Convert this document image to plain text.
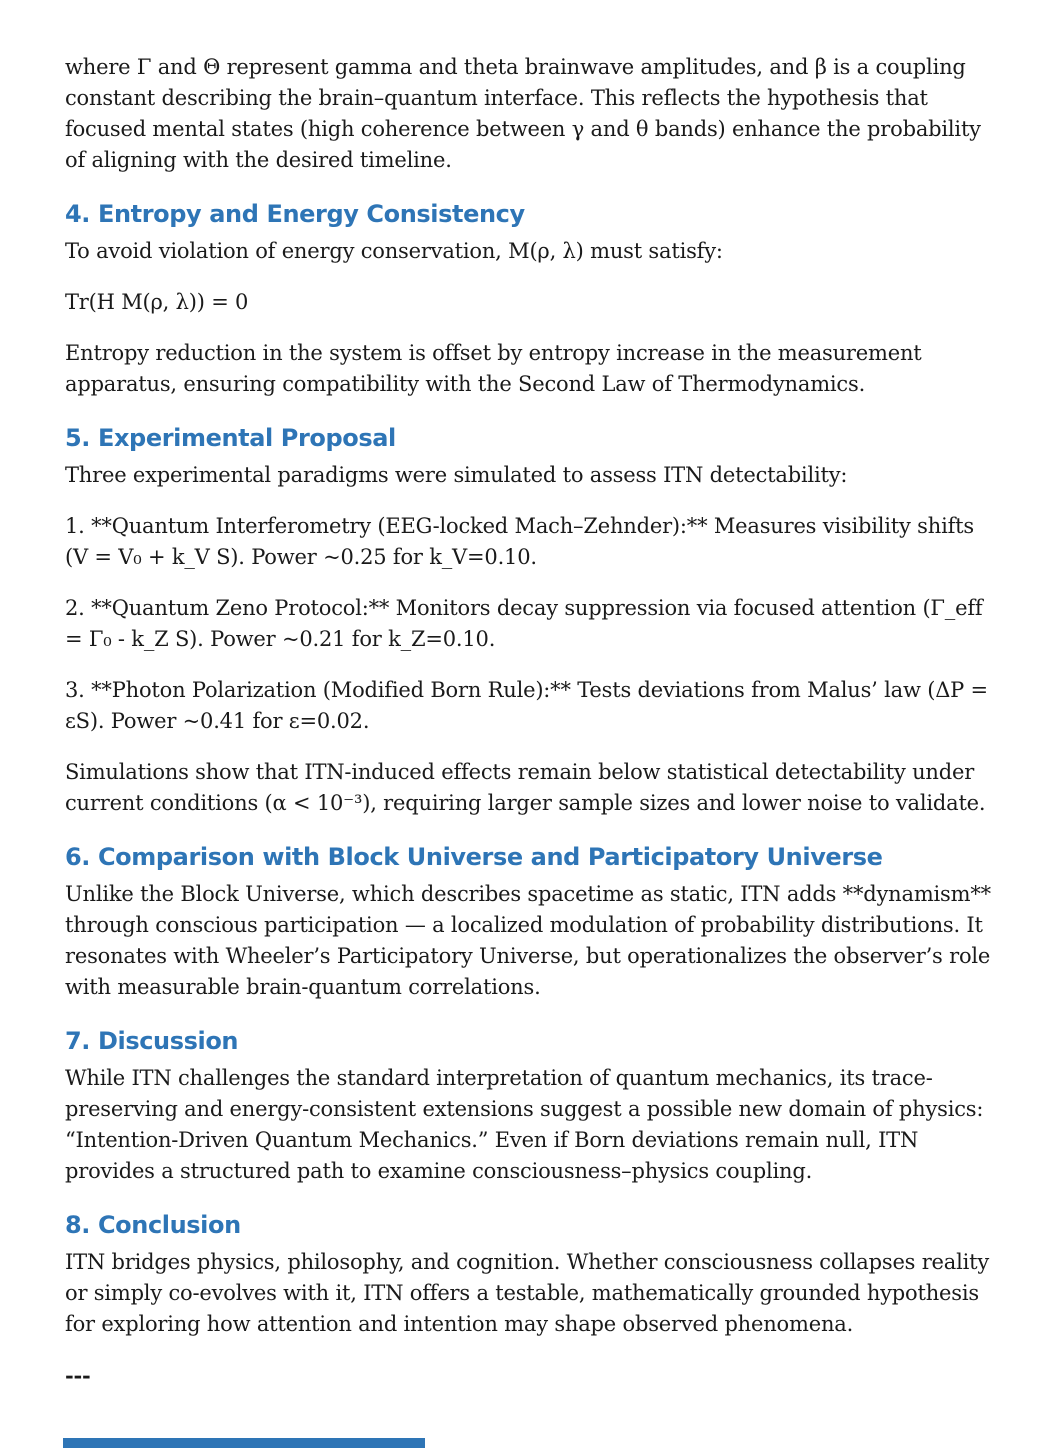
where Γ and Θ represent gamma and theta brainwave amplitudes, and β is a coupling constant describing the brain–quantum interface. This reflects the hypothesis that focused mental states (high coherence between γ and θ bands) enhance the probability of aligning with the desired timeline.

4. Entropy and Energy Consistency

To avoid violation of energy conservation, M(ρ, λ) must satisfy:

Tr(H M(ρ, λ)) = 0

Entropy reduction in the system is offset by entropy increase in the measurement apparatus, ensuring compatibility with the Second Law of Thermodynamics.

5. Experimental Proposal

Three experimental paradigms were simulated to assess ITN detectability:

1. **Quantum Interferometry (EEG-locked Mach–Zehnder):** Measures visibility shifts (V = V₀ + k_V S). Power ~0.25 for k_V=0.10.

2. **Quantum Zeno Protocol:** Monitors decay suppression via focused attention (Γ_eff = Γ₀ - k_Z S). Power ~0.21 for k_Z=0.10.

3. **Photon Polarization (Modified Born Rule):** Tests deviations from Malus’ law (ΔP = εS). Power ~0.41 for ε=0.02.

Simulations show that ITN-induced effects remain below statistical detectability under current conditions (α < 10⁻³), requiring larger sample sizes and lower noise to validate.

6. Comparison with Block Universe and Participatory Universe

Unlike the Block Universe, which describes spacetime as static, ITN adds **dynamism** through conscious participation — a localized modulation of probability distributions. It resonates with Wheeler’s Participatory Universe, but operationalizes the observer’s role with measurable brain-quantum correlations.

7. Discussion

While ITN challenges the standard interpretation of quantum mechanics, its trace-preserving and energy-consistent extensions suggest a possible new domain of physics: “Intention-Driven Quantum Mechanics.” Even if Born deviations remain null, ITN provides a structured path to examine consciousness–physics coupling.

8. Conclusion

ITN bridges physics, philosophy, and cognition. Whether consciousness collapses reality or simply co-evolves with it, ITN offers a testable, mathematically grounded hypothesis for exploring how attention and intention may shape observed phenomena.

---
